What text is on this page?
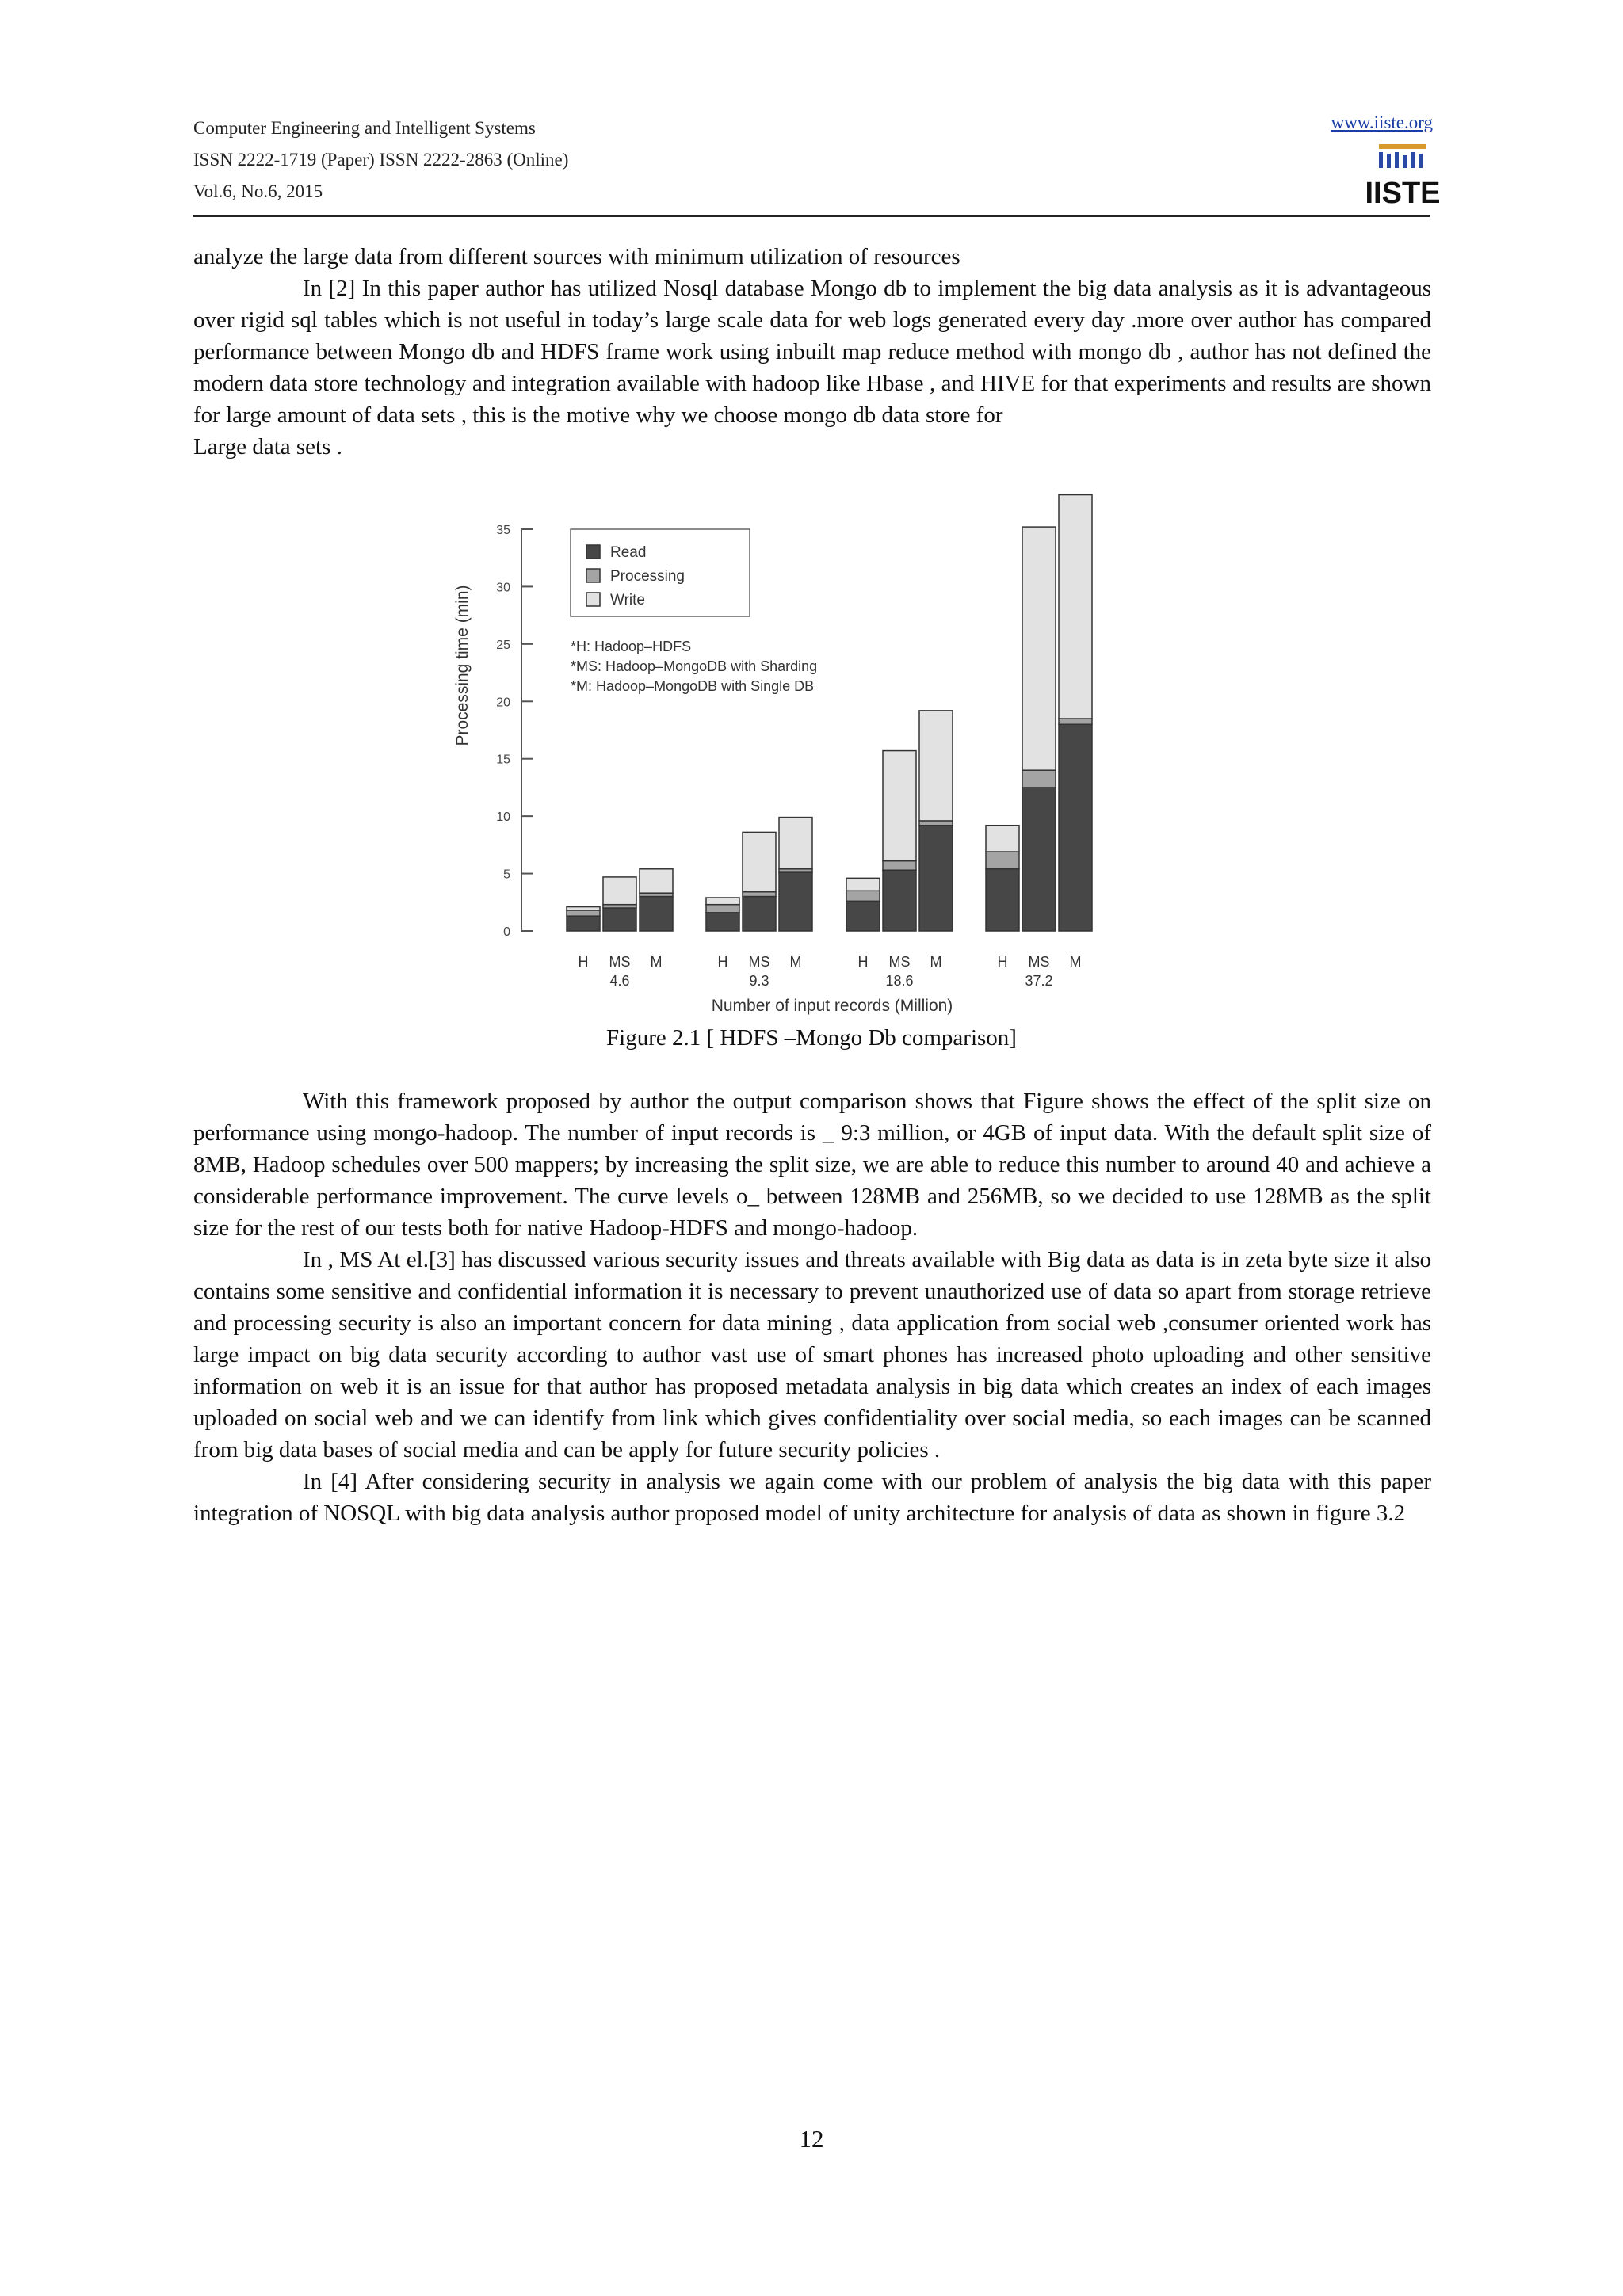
Computer Engineering and Intelligent Systems
ISSN 2222-1719 (Paper) ISSN 2222-2863 (Online)
Vol.6, No.6, 2015
www.iiste.org
IISTE

analyze the large data from different sources with minimum utilization of resources

In [2] In this paper author has utilized Nosql database Mongo db to implement the big data analysis as it is advantageous over rigid sql tables which is not useful in today’s large scale data for web logs generated every day .more over author has compared performance between Mongo db and HDFS frame work using inbuilt map reduce method with mongo db , author has not defined the modern data store technology and integration available with hadoop like Hbase , and HIVE for that experiments and results are shown for large amount of data sets , this is the motive why we choose mongo db data store for

Large data sets .

0
5
10
15
20
25
30
35
H MS M
4.6
H MS M
9.3
H MS M
18.6
H MS M
37.2
Read
Processing
Write
*H: Hadoop–HDFS
*MS: Hadoop–MongoDB with Sharding
*M: Hadoop–MongoDB with Single DB
Processing time (min)
Number of input records (Million)
Figure 2.1 [ HDFS –Mongo Db comparison]

With this framework proposed by author the output comparison shows that Figure shows the effect of the split size on performance using mongo-hadoop. The number of input records is _ 9:3 million, or 4GB of input data. With the default split size of 8MB, Hadoop schedules over 500 mappers; by increasing the split size, we are able to reduce this number to around 40 and achieve a considerable performance improvement. The curve levels o_ between 128MB and 256MB, so we decided to use 128MB as the split size for the rest of our tests both for native Hadoop-HDFS and mongo-hadoop.

In , MS At el.[3] has discussed various security issues and threats available with Big data as data is in zeta byte size it also contains some sensitive and confidential information it is necessary to prevent unauthorized use of data so apart from storage retrieve and processing security is also an important concern for data mining , data application from social web ,consumer oriented work has large impact on big data security according to author vast use of smart phones has increased photo uploading and other sensitive information on web it is an issue for that author has proposed metadata analysis in big data which creates an index of each images uploaded on social web and we can identify from link which gives confidentiality over social media, so each images can be scanned from big data bases of social media and can be apply for future security policies .

In [4] After considering security in analysis we again come with our problem of analysis the big data with this paper integration of NOSQL with big data analysis author proposed model of unity architecture for analysis of data as shown in figure 3.2

12
